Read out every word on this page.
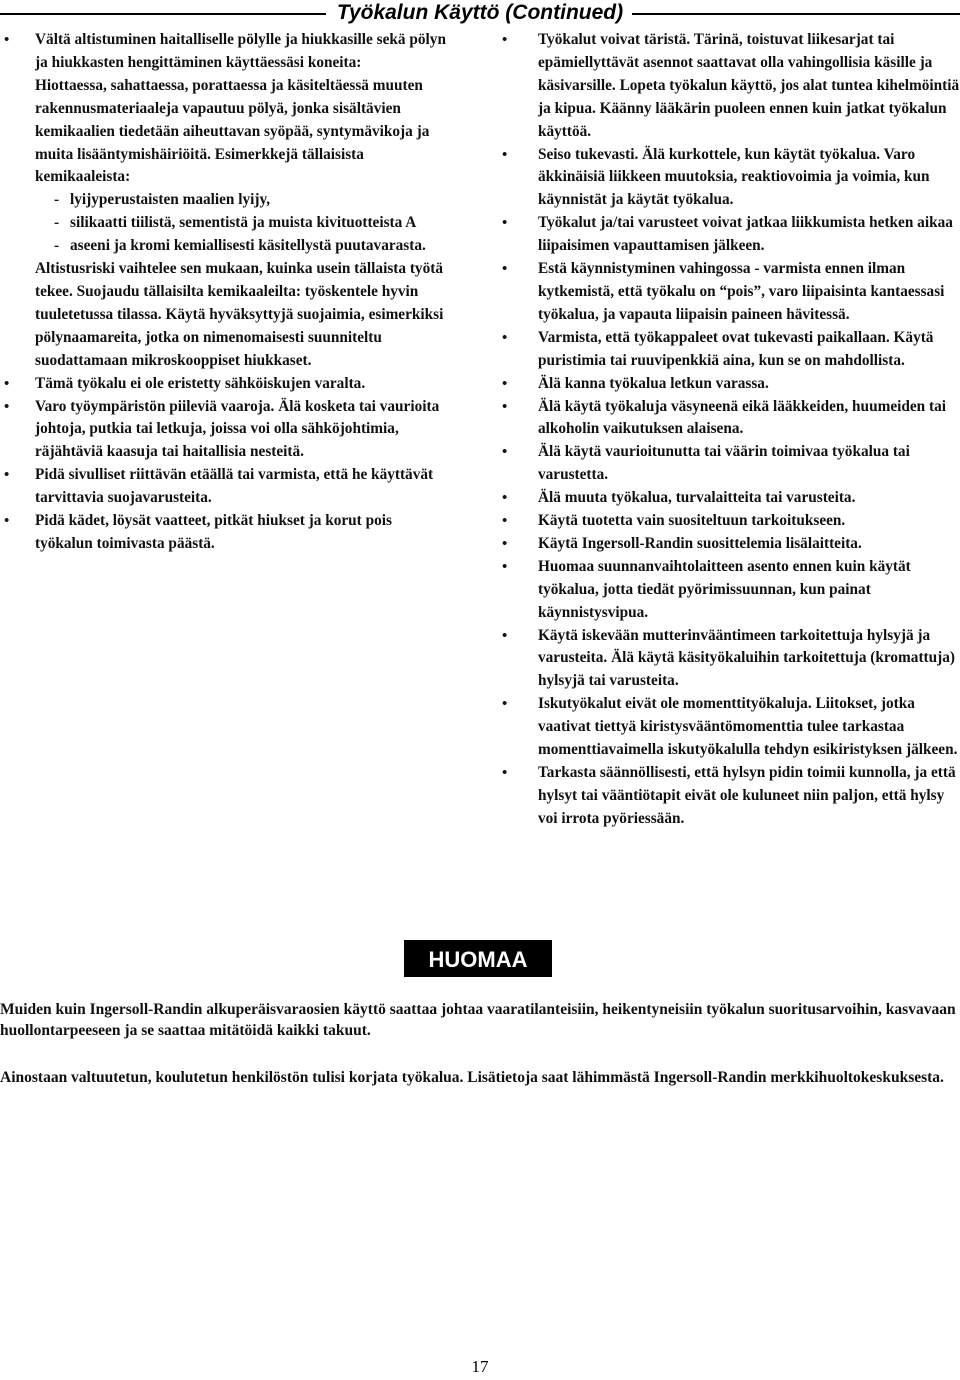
Työkalun Käyttö (Continued)
• Vältä altistuminen haitalliselle pölylle ja hiukkasille sekä pölyn ja hiukkasten hengittäminen käyttäessäsi koneita:
Hiottaessa, sahattaessa, porattaessa ja käsiteltäessä muuten rakennusmateriaaleja vapautuu pölyä, jonka sisältävien kemikaalien tiedetään aiheuttavan syöpää, syntymävikoja ja muita lisääntymishäiriöitä. Esimerkkejä tällaisista kemikaaleista:
- lyijyperustaisten maalien lyijy,
- silikaatti tiilistä, sementistä ja muista kivituotteista A
- aseeni ja kromi kemiallisesti käsitellystä puutavarasta.
Altistusriski vaihtelee sen mukaan, kuinka usein tällaista työtä tekee. Suojaudu tällaisilta kemikaaleilta: työskentele hyvin tuuletetussa tilassa. Käytä hyväksyttyjä suojaimia, esimerkiksi pölynaamareita, jotka on nimenomaisesti suunniteltu suodattamaan mikroskooppiset hiukkaset.
• Tämä työkalu ei ole eristetty sähköiskujen varalta.
• Varo työympäristön piileviä vaaroja. Älä kosketa tai vaurioita johtoja, putkia tai letkuja, joissa voi olla sähköjohtimia, räjähtäviä kaasuja tai haitallisia nesteitä.
• Pidä sivulliset riittävän etäällä tai varmista, että he käyttävät tarvittavia suojavarusteita.
• Pidä kädet, löysät vaatteet, pitkät hiukset ja korut pois työkalun toimivasta päästä.
• Työkalut voivat täristä. Tärinä, toistuvat liikesarjat tai epämiellyttävät asennot saattavat olla vahingollisia käsille ja käsivarsille. Lopeta työkalun käyttö, jos alat tuntea kihelmöintiä ja kipua. Käänny lääkärin puoleen ennen kuin jatkat työkalun käyttöä.
• Seiso tukevasti. Älä kurkottele, kun käytät työkalua. Varo äkkinäisiä liikkeen muutoksia, reaktiovoimia ja voimia, kun käynnistät ja käytät työkalua.
• Työkalut ja/tai varusteet voivat jatkaa liikkumista hetken aikaa liipaisimen vapauttamisen jälkeen.
• Estä käynnistyminen vahingossa - varmista ennen ilman kytkemistä, että työkalu on “pois”, varo liipaisinta kantaessasi työkalua, ja vapauta liipaisin paineen hävitessä.
• Varmista, että työkappaleet ovat tukevasti paikallaan. Käytä puristimia tai ruuvipenkkiä aina, kun se on mahdollista.
• Älä kanna työkalua letkun varassa.
• Älä käytä työkaluja väsyneenä eikä lääkkeiden, huumeiden tai alkoholin vaikutuksen alaisena.
• Älä käytä vaurioitunutta tai väärin toimivaa työkalua tai varustetta.
• Älä muuta työkalua, turvalaitteita tai varusteita.
• Käytä tuotetta vain suositeltuun tarkoitukseen.
• Käytä Ingersoll-Randin suosittelemia lisälaitteita.
• Huomaa suunnanvaihtolaitteen asento ennen kuin käytät työkalua, jotta tiedät pyörimissuunnan, kun painat käynnistysvipua.
• Käytä iskevään mutterinvääntimeen tarkoitettuja hylsyjä ja varusteita. Älä käytä käsityökaluihin tarkoitettuja (kromattuja) hylsyjä tai varusteita.
• Iskutyökalut eivät ole momenttityökaluja. Liitokset, jotka vaativat tiettyä kiristysvääntömomenttia tulee tarkastaa momenttiavaimella iskutyökalulla tehdyn esikiristyksen jälkeen.
• Tarkasta säännöllisesti, että hylsyn pidin toimii kunnolla, ja että hylsyt tai vääntiötapit eivät ole kuluneet niin paljon, että hylsy voi irrota pyöriessään.
HUOMAA
Muiden kuin Ingersoll-Randin alkuperäisvaraosien käyttö saattaa johtaa vaaratilanteisiin, heikentyneisiin työkalun suoritusarvoihin, kasvavaan huollontarpeeseen ja se saattaa mitätöidä kaikki takuut.
Ainostaan valtuutetun, koulutetun henkilöstön tulisi korjata työkalua. Lisätietoja saat lähimmästä Ingersoll-Randin merkkihuoltokeskuksesta.
17
